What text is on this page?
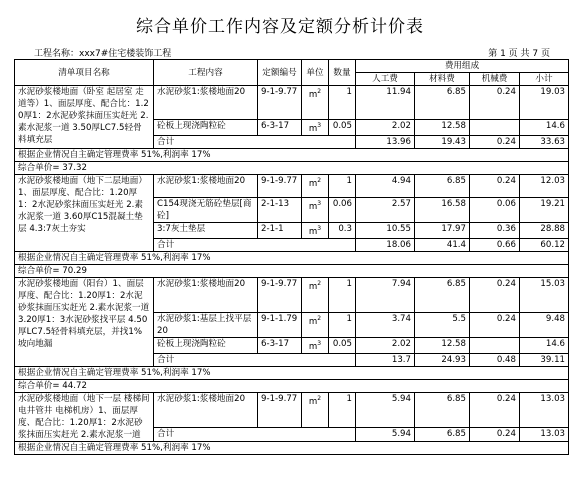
综合单价工作内容及定额分析计价表
工程名称：xxx7#住宅楼装饰工程	第 1 页 共 7 页
清单项目名称	工程内容	定额编号	单位	数量	费用组成			
					人工费	材料费	机械费	小计
水泥砂浆楼地面（卧室 起居室 走道等）1、面层厚度、配合比：1.20厚1：2水泥砂浆抹面压实赶光 2.素水泥浆一道 3.50厚LC7.5轻骨料填充层	水泥砂浆1:浆楼地面20	9-1-9.77	$m^2$	1	11.94	6.85	0.24	19.03
	砼板上现浇陶粒砼	6-3-17	$m^3$	0.05	2.02	12.58		14.6
	合计				13.96	19.43	0.24	33.63
根据企业情况自主确定管理费率 51%,利润率 17%								
综合单价= 37.32								
水泥砂浆楼地面（地下二层地面）1、面层厚度、配合比：1.20厚1：2水泥砂浆抹面压实赶光 2.素水泥浆一道 3.60厚C15混凝土垫层 4.3:7灰土夯实	水泥砂浆1:浆楼地面20	9-1-9.77	$m^2$	1	4.94	6.85	0.24	12.03
	C154现浇无筋砼垫层[商砼]	2-1-13	$m^3$	0.06	2.57	16.58	0.06	19.21
	3:7灰土垫层	2-1-1	$m^3$	0.3	10.55	17.97	0.36	28.88
	合计				18.06	41.4	0.66	60.12
根据企业情况自主确定管理费率 51%,利润率 17%								
综合单价= 70.29								
水泥砂浆楼地面（阳台）1、面层厚度、配合比：1.20厚1：2水泥砂浆抹面压实赶光 2.素水泥浆一道 3.20厚1：3水泥砂浆找平层 4.50厚LC7.5轻骨料填充层，并找1%坡向地漏	水泥砂浆1:浆楼地面20	9-1-9.77	$m^2$	1	7.94	6.85	0.24	15.03
	水泥砂浆1:基层上找平层20	9-1-1.79	$m^2$	1	3.74	5.5	0.24	9.48
	砼板上现浇陶粒砼	6-3-17	$m^3$	0.05	2.02	12.58		14.6
	合计				13.7	24.93	0.48	39.11
根据企业情况自主确定管理费率 51%,利润率 17%								
综合单价= 44.72								
水泥砂浆楼地面（地下一层 楼梯间 电井管井 电梯机房）1、面层厚度、配合比：1.20厚1：2水泥砂浆抹面压实赶光 2.素水泥浆一道	水泥砂浆1:浆楼地面20	9-1-9.77	$m^2$	1	5.94	6.85	0.24	13.03
	合计				5.94	6.85	0.24	13.03
根据企业情况自主确定管理费率 51%,利润率 17%								
